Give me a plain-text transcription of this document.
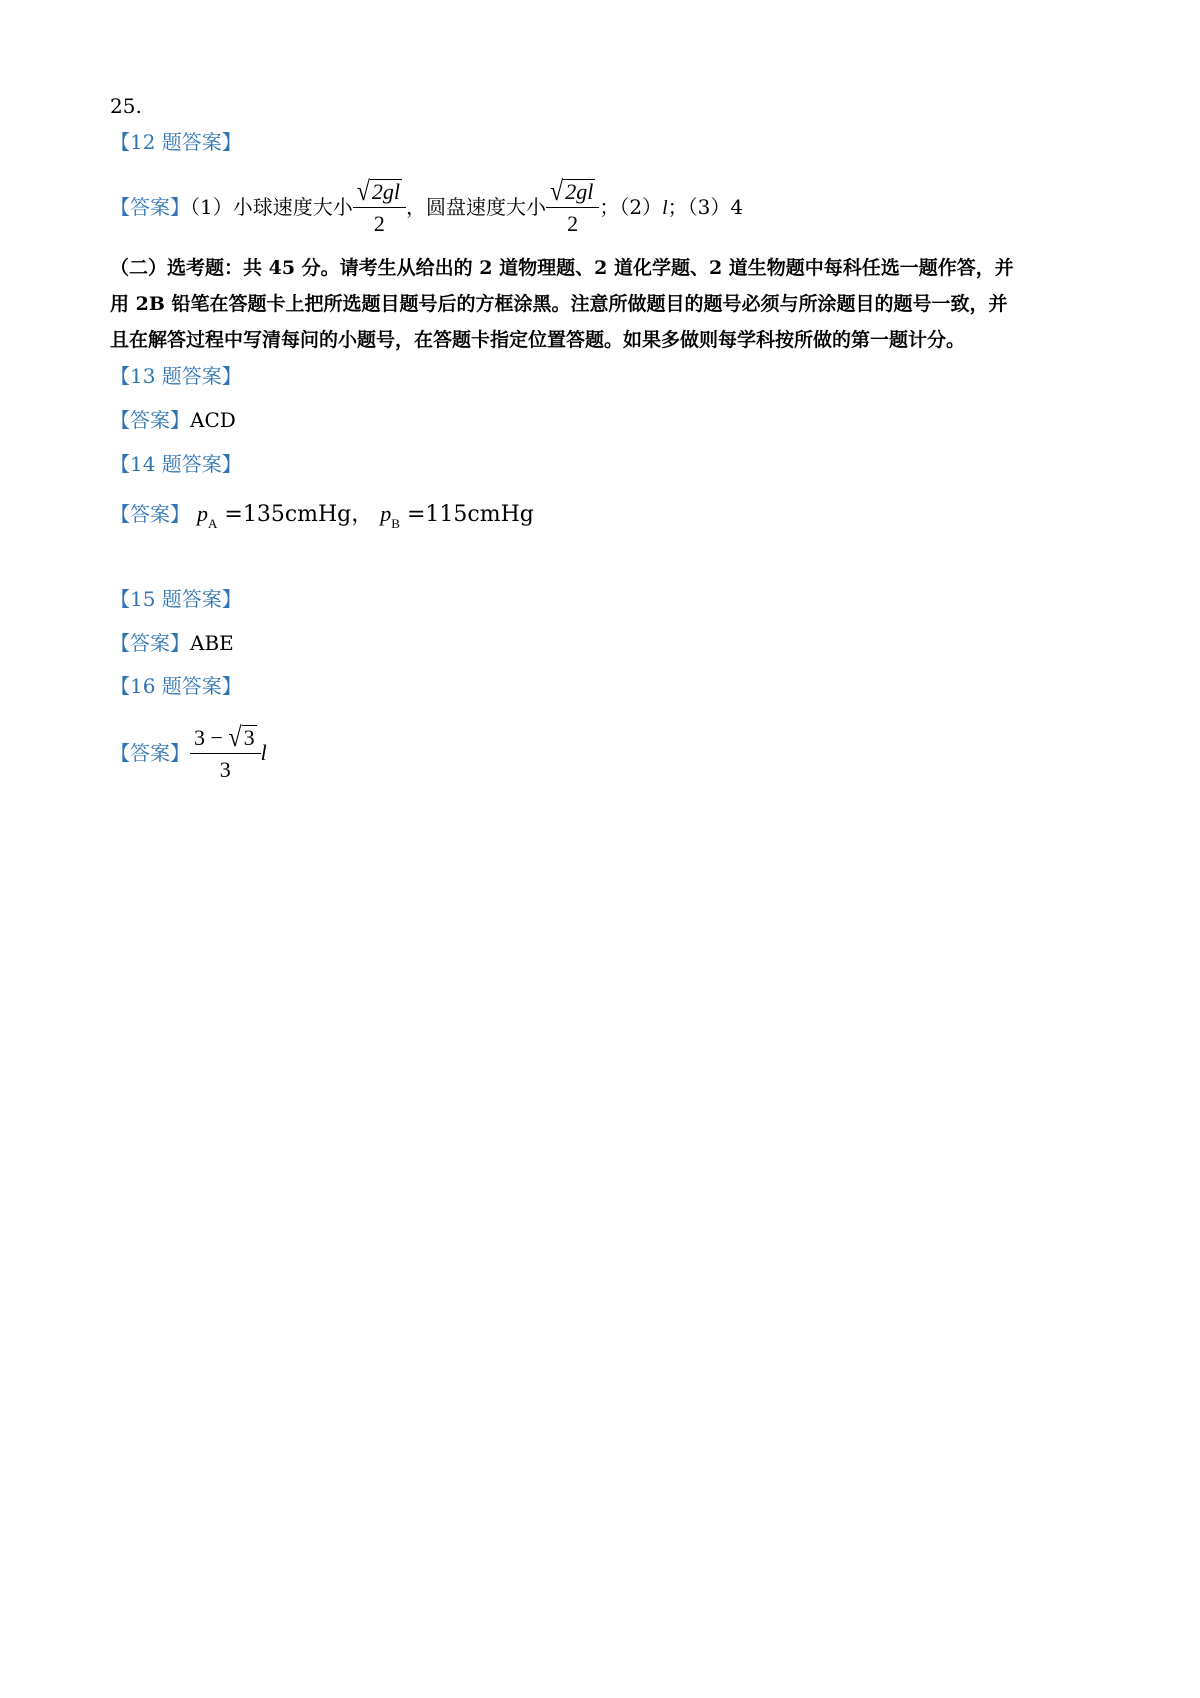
25.
【12 题答案】
【答案】（1）小球速度大小 $\frac{√2gl}{2}$ ，圆盘速度大小 $\frac{√2gl}{2}$ ；（2）l；（3）4
（二）选考题：共 45 分。请考生从给出的 2 道物理题、2 道化学题、2 道生物题中每科任选一题作答，并
用 2B 铅笔在答题卡上把所选题目题号后的方框涂黑。注意所做题目的题号必须与所涂题目的题号一致，并
且在解答过程中写清每问的小题号，在答题卡指定位置答题。如果多做则每学科按所做的第一题计分。
【13 题答案】
【答案】ACD
【14 题答案】
【答案】 $p_A$ =135cmHg， $p_B$ =115cmHg
【15 题答案】
【答案】ABE
【16 题答案】
【答案】 $\frac{3 - √3}{3}$ l
